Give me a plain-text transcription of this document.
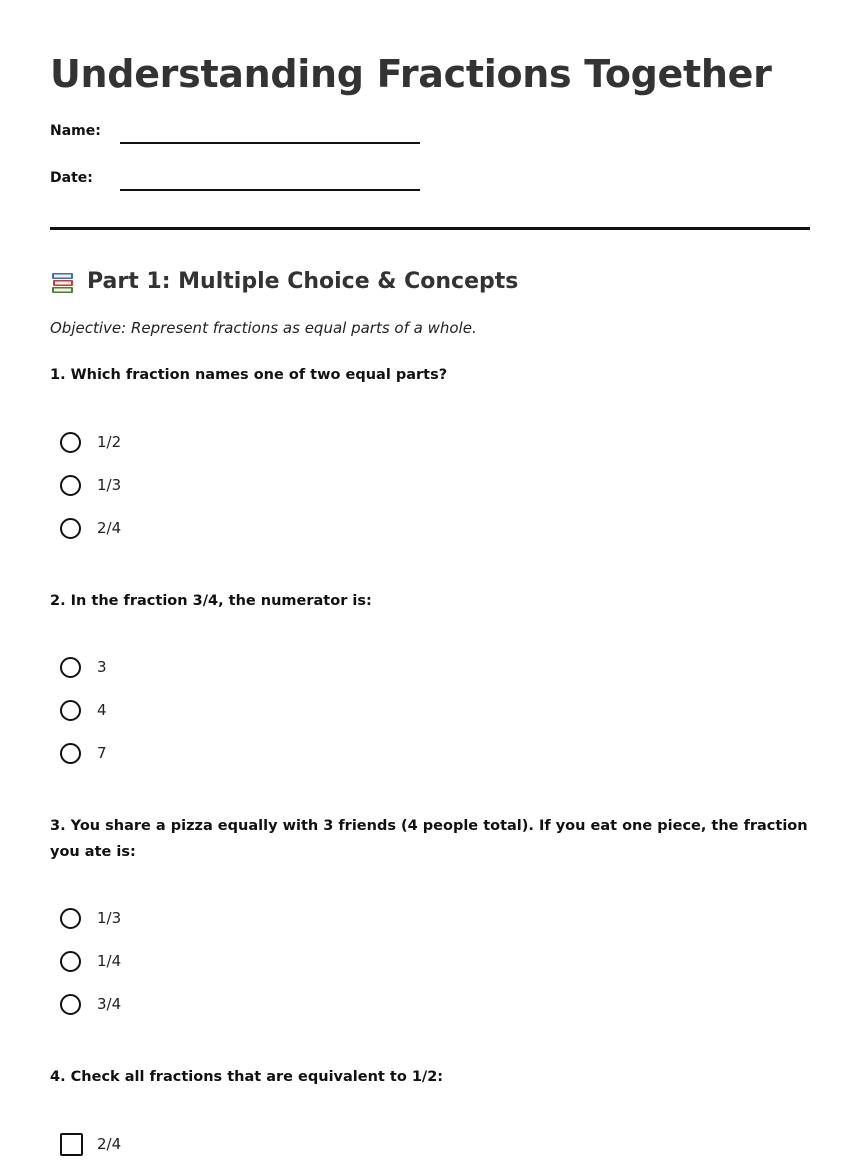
Understanding Fractions Together
Name:
Date:
Part 1: Multiple Choice & Concepts
Objective: Represent fractions as equal parts of a whole.
1. Which fraction names one of two equal parts?
1/2
1/3
2/4
2. In the fraction 3/4, the numerator is:
3
4
7
3. You share a pizza equally with 3 friends (4 people total). If you eat one piece, the fraction you ate is:
1/3
1/4
3/4
4. Check all fractions that are equivalent to 1/2:
2/4
